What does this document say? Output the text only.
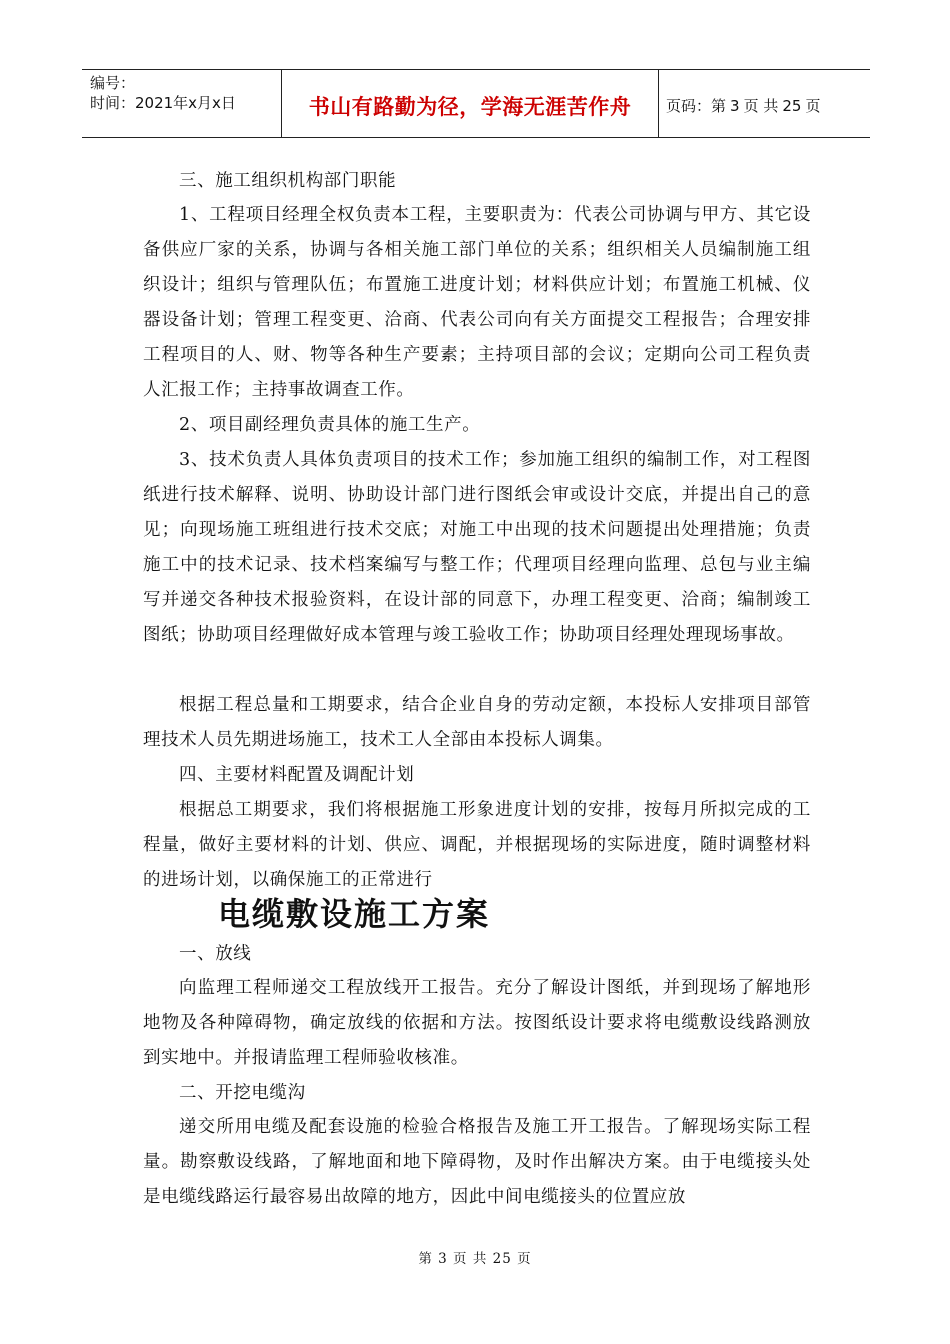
编号：
时间：2021年x月x日	书山有路勤为径，学海无涯苦作舟	页码：第 3 页 共 25 页
三、施工组织机构部门职能
1、工程项目经理全权负责本工程，主要职责为：代表公司协调与甲方、其它设备供应厂家的关系，协调与各相关施工部门单位的关系；组织相关人员编制施工组织设计；组织与管理队伍；布置施工进度计划；材料供应计划；布置施工机械、仪器设备计划；管理工程变更、洽商、代表公司向有关方面提交工程报告；合理安排工程项目的人、财、物等各种生产要素；主持项目部的会议；定期向公司工程负责人汇报工作；主持事故调查工作。
2、项目副经理负责具体的施工生产。
3、技术负责人具体负责项目的技术工作；参加施工组织的编制工作，对工程图纸进行技术解释、说明、协助设计部门进行图纸会审或设计交底，并提出自己的意见；向现场施工班组进行技术交底；对施工中出现的技术问题提出处理措施；负责施工中的技术记录、技术档案编写与整工作；代理项目经理向监理、总包与业主编写并递交各种技术报验资料，在设计部的同意下，办理工程变更、洽商；编制竣工图纸；协助项目经理做好成本管理与竣工验收工作；协助项目经理处理现场事故。
根据工程总量和工期要求，结合企业自身的劳动定额，本投标人安排项目部管理技术人员先期进场施工，技术工人全部由本投标人调集。
四、主要材料配置及调配计划
根据总工期要求，我们将根据施工形象进度计划的安排，按每月所拟完成的工程量，做好主要材料的计划、供应、调配，并根据现场的实际进度，随时调整材料的进场计划，以确保施工的正常进行
电缆敷设施工方案
一、放线
向监理工程师递交工程放线开工报告。充分了解设计图纸，并到现场了解地形地物及各种障碍物，确定放线的依据和方法。按图纸设计要求将电缆敷设线路测放到实地中。并报请监理工程师验收核准。
二、开挖电缆沟
递交所用电缆及配套设施的检验合格报告及施工开工报告。了解现场实际工程量。勘察敷设线路，了解地面和地下障碍物，及时作出解决方案。由于电缆接头处是电缆线路运行最容易出故障的地方，因此中间电缆接头的位置应放
第 3 页 共 25 页
